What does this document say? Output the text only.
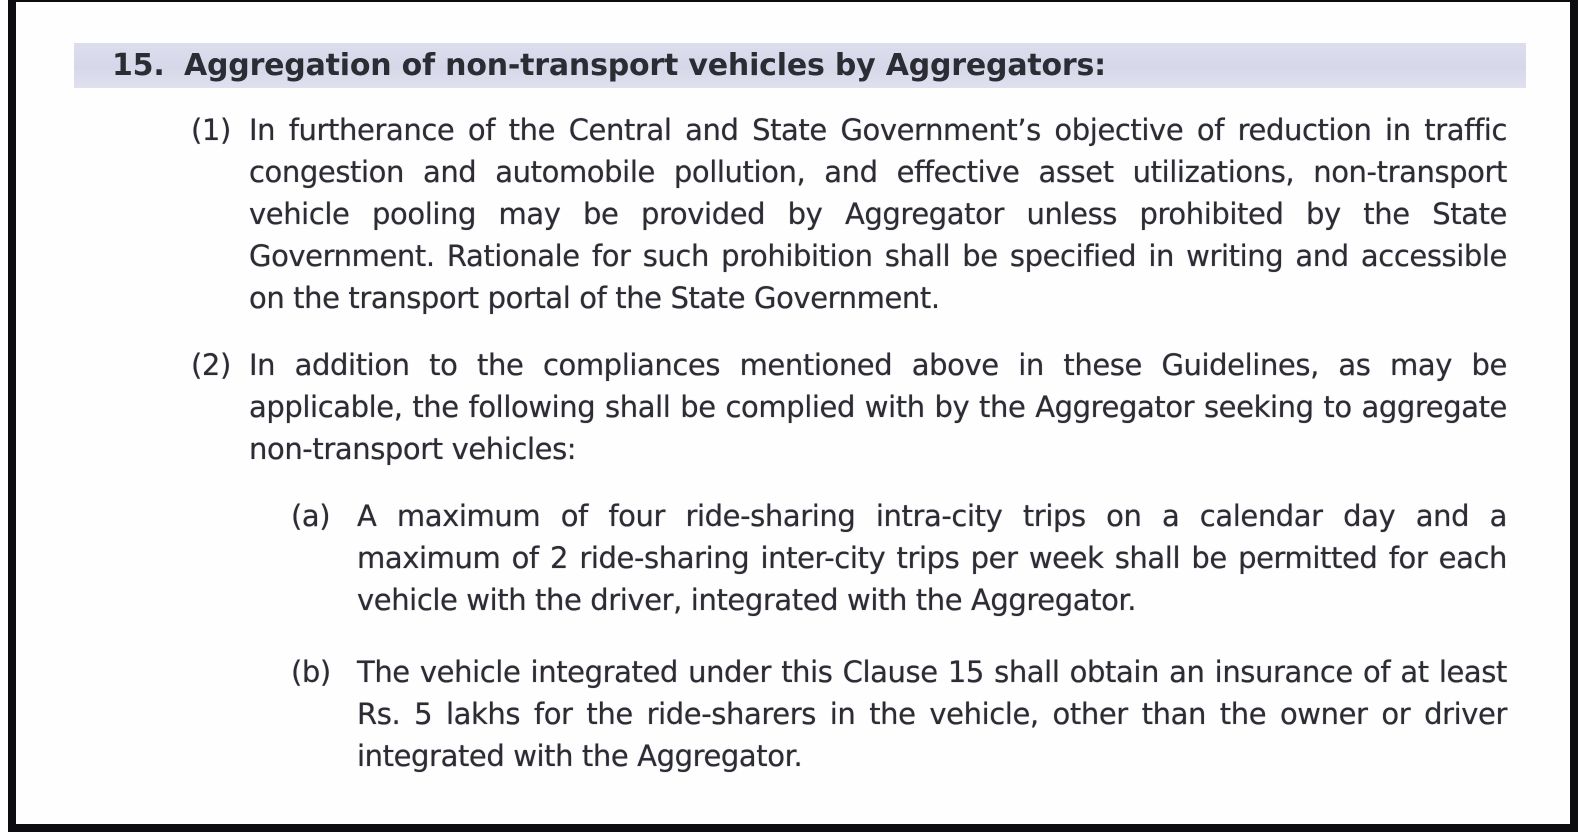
15. Aggregation of non-transport vehicles by Aggregators:
(1) In furtherance of the Central and State Government’s objective of reduction in traffic congestion and automobile pollution, and effective asset utilizations, non-transport vehicle pooling may be provided by Aggregator unless prohibited by the State Government. Rationale for such prohibition shall be specified in writing and accessible on the transport portal of the State Government.
(2) In addition to the compliances mentioned above in these Guidelines, as may be applicable, the following shall be complied with by the Aggregator seeking to aggregate non-transport vehicles:
(a) A maximum of four ride-sharing intra-city trips on a calendar day and a maximum of 2 ride-sharing inter-city trips per week shall be permitted for each vehicle with the driver, integrated with the Aggregator.
(b) The vehicle integrated under this Clause 15 shall obtain an insurance of at least Rs. 5 lakhs for the ride-sharers in the vehicle, other than the owner or driver integrated with the Aggregator.
